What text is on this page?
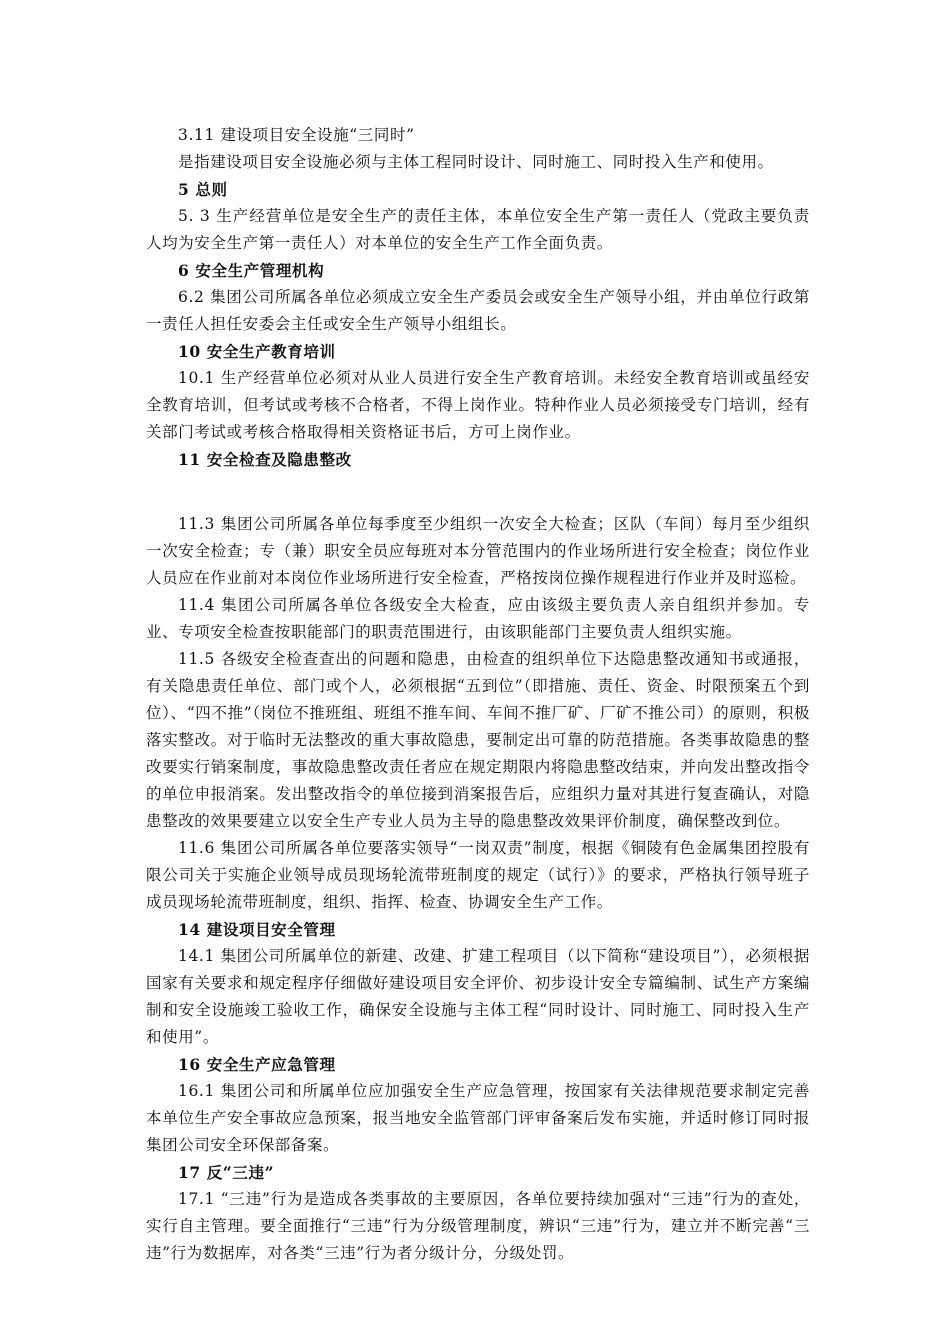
3.11 建设项目安全设施“三同时”

是指建设项目安全设施必须与主体工程同时设计、同时施工、同时投入生产和使用。

5 总则

5. 3 生产经营单位是安全生产的责任主体，本单位安全生产第一责任人（党政主要负责人均为安全生产第一责任人）对本单位的安全生产工作全面负责。

6 安全生产管理机构

6.2 集团公司所属各单位必须成立安全生产委员会或安全生产领导小组，并由单位行政第一责任人担任安委会主任或安全生产领导小组组长。

10 安全生产教育培训

10.1 生产经营单位必须对从业人员进行安全生产教育培训。未经安全教育培训或虽经安全教育培训，但考试或考核不合格者，不得上岗作业。特种作业人员必须接受专门培训，经有关部门考试或考核合格取得相关资格证书后，方可上岗作业。

11 安全检查及隐患整改

11.3 集团公司所属各单位每季度至少组织一次安全大检查；区队（车间）每月至少组织一次安全检查；专（兼）职安全员应每班对本分管范围内的作业场所进行安全检查；岗位作业人员应在作业前对本岗位作业场所进行安全检查，严格按岗位操作规程进行作业并及时巡检。

11.4 集团公司所属各单位各级安全大检查，应由该级主要负责人亲自组织并参加。专业、专项安全检查按职能部门的职责范围进行，由该职能部门主要负责人组织实施。

11.5 各级安全检查查出的问题和隐患，由检查的组织单位下达隐患整改通知书或通报，有关隐患责任单位、部门或个人，必须根据“五到位”（即措施、责任、资金、时限预案五个到位）、“四不推”（岗位不推班组、班组不推车间、车间不推厂矿、厂矿不推公司）的原则，积极落实整改。对于临时无法整改的重大事故隐患，要制定出可靠的防范措施。各类事故隐患的整改要实行销案制度，事故隐患整改责任者应在规定期限内将隐患整改结束，并向发出整改指令的单位申报消案。发出整改指令的单位接到消案报告后，应组织力量对其进行复查确认，对隐患整改的效果要建立以安全生产专业人员为主导的隐患整改效果评价制度，确保整改到位。

11.6 集团公司所属各单位要落实领导“一岗双责”制度，根据《铜陵有色金属集团控股有限公司关于实施企业领导成员现场轮流带班制度的规定（试行）》的要求，严格执行领导班子成员现场轮流带班制度，组织、指挥、检查、协调安全生产工作。

14 建设项目安全管理

14.1 集团公司所属单位的新建、改建、扩建工程项目（以下简称“建设项目”），必须根据国家有关要求和规定程序仔细做好建设项目安全评价、初步设计安全专篇编制、试生产方案编制和安全设施竣工验收工作，确保安全设施与主体工程“同时设计、同时施工、同时投入生产和使用”。

16 安全生产应急管理

16.1 集团公司和所属单位应加强安全生产应急管理，按国家有关法律规范要求制定完善本单位生产安全事故应急预案，报当地安全监管部门评审备案后发布实施，并适时修订同时报集团公司安全环保部备案。

17 反“三违”

17.1 “三违”行为是造成各类事故的主要原因，各单位要持续加强对“三违”行为的查处，实行自主管理。要全面推行“三违”行为分级管理制度，辨识“三违”行为，建立并不断完善“三违”行为数据库，对各类“三违”行为者分级计分，分级处罚。
